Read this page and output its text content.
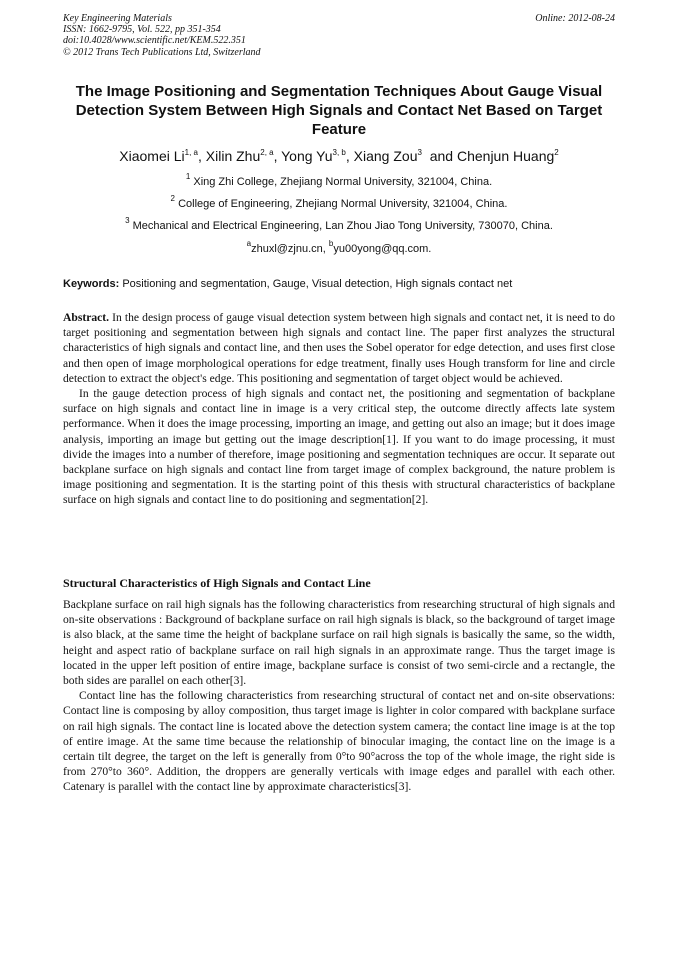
Key Engineering Materials
ISSN: 1662-9795, Vol. 522, pp 351-354
doi:10.4028/www.scientific.net/KEM.522.351
© 2012 Trans Tech Publications Ltd, Switzerland
Online: 2012-08-24
The Image Positioning and Segmentation Techniques About Gauge Visual Detection System Between High Signals and Contact Net Based on Target Feature
Xiaomei Li$^{1, a}$, Xilin Zhu$^{2, a}$, Yong Yu$^{3, b}$, Xiang Zou$^3$  and Chenjun Huang$^2$
$^1$ Xing Zhi College, Zhejiang Normal University, 321004, China.
$^2$ College of Engineering, Zhejiang Normal University, 321004, China.
$^3$ Mechanical and Electrical Engineering, Lan Zhou Jiao Tong University, 730070, China.
$^a$zhuxl@zjnu.cn, $^b$yu00yong@qq.com.
Keywords: Positioning and segmentation, Gauge, Visual detection, High signals contact net

Abstract. In the design process of gauge visual detection system between high signals and contact net, it is need to do target positioning and segmentation between high signals and contact line. The paper first analyzes the structural characteristics of high signals and contact line, and then uses the Sobel operator for edge detection, and uses first close and then open of image morphological operations for edge treatment, finally uses Hough transform for line and circle detection to extract the object's edge. This positioning and segmentation of target object would be achieved.

In the gauge detection process of high signals and contact net, the positioning and segmentation of backplane surface on high signals and contact line in image is a very critical step, the outcome directly affects late system performance. When it does the image processing, importing an image, and getting out also an image; but it does image analysis, importing an image but getting out the image description[1]. If you want to do image processing, it must divide the images into a number of therefore, image positioning and segmentation techniques are occur. It separate out backplane surface on high signals and contact line from target image of complex background, the nature problem is image positioning and segmentation. It is the starting point of this thesis with structural characteristics of backplane surface on high signals and contact line to do positioning and segmentation[2].

Structural Characteristics of High Signals and Contact Line

Backplane surface on rail high signals has the following characteristics from researching structural of high signals and on-site observations : Background of backplane surface on rail high signals is black, so the background of target image is also black, at the same time the height of backplane surface on rail high signals is basically the same, so the width, height and aspect ratio of backplane surface on rail high signals in an approximate range. Thus the target image is located in the upper left position of entire image, backplane surface is consist of two semi-circle and a rectangle, the both sides are parallel on each other[3].

Contact line has the following characteristics from researching structural of contact net and on-site observations: Contact line is composing by alloy composition, thus target image is lighter in color compared with backplane surface on rail high signals. The contact line is located above the detection system camera; the contact line image is at the top of entire image. At the same time because the relationship of binocular imaging, the contact line on the image is a certain tilt degree, the target on the left is generally from 0°to 90°across the top of the whole image, the right side is from 270°to 360°. Addition, the droppers are generally verticals with image edges and parallel with each other. Catenary is parallel with the contact line by approximate characteristics[3].
